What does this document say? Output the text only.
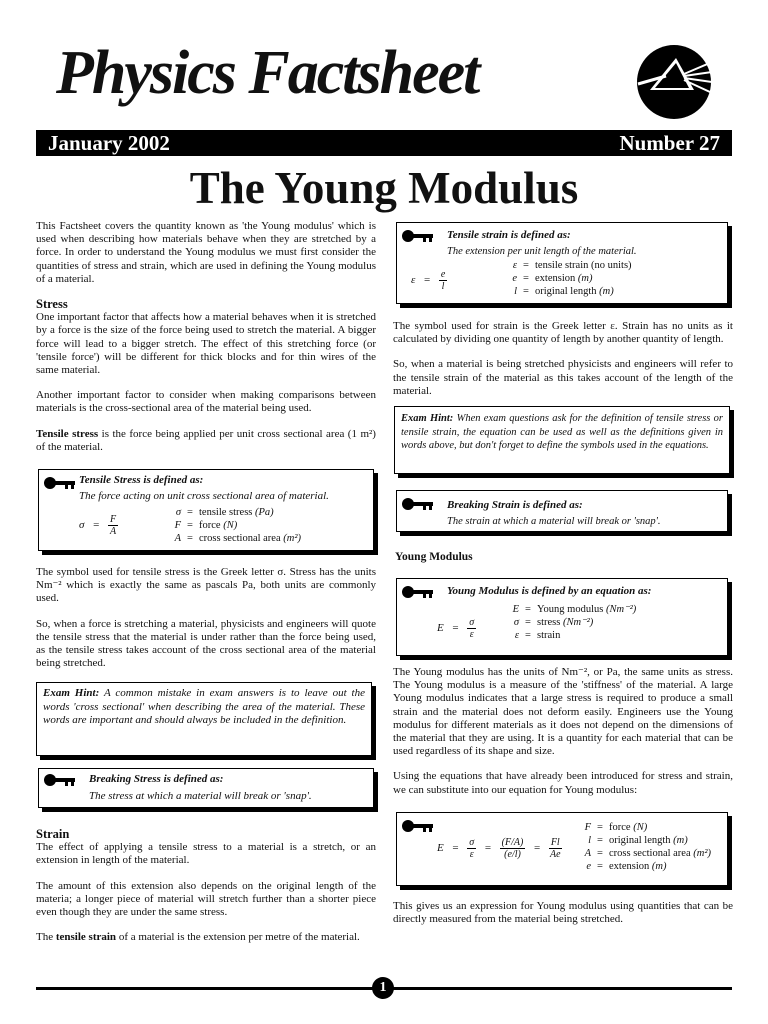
Physics Factsheet
January 2002	Number 27
The Young Modulus

This Factsheet covers the quantity known as 'the Young modulus' which is used when describing how materials behave when they are stretched by a force. In order to understand the Young modulus we must first consider the quantities of stress and strain, which are used in defining the Young modulus of a material.

Stress

One important factor that affects how a material behaves when it is stretched by a force is the size of the force being used to stretch the material. A bigger force will lead to a bigger stretch. The effect of this stretching force (or 'tensile force') will be different for thick blocks and for thin wires of the same material.

Another important factor to consider when making comparisons between materials is the cross-sectional area of the material being used.

Tensile stress is the force being applied per unit cross sectional area (1 m²) of the material.

Tensile Stress is defined as:
The force acting on unit cross sectional area of material.
$\sigma = \frac{F}{A}$
σ = tensile stress (Pa)
F = force (N)
A = cross sectional area (m²)

The symbol used for tensile stress is the Greek letter σ. Stress has the units Nm⁻² which is exactly the same as pascals Pa, both units are commonly used.

So, when a force is stretching a material, physicists and engineers will quote the tensile stress that the material is under rather than the force being used, as the tensile stress takes account of the cross sectional area of the material being stretched.

Exam Hint: A common mistake in exam answers is to leave out the words 'cross sectional' when describing the area of the material. These words are important and should always be included in the definition.
Breaking Stress is defined as:
The stress at which a material will break or 'snap'.
Strain

The effect of applying a tensile stress to a material is a stretch, or an extension in length of the material.

The amount of this extension also depends on the original length of the materia; a longer piece of material will stretch further than a shorter piece even though they are under the same stress.

The tensile strain of a material is the extension per metre of the material.

Tensile strain is defined as:
The extension per unit length of the material.
$\varepsilon = \frac{e}{l}$
ε = tensile strain (no units)
e = extension (m)
l = original length (m)

The symbol used for strain is the Greek letter ε. Strain has no units as it calculated by dividing one quantity of length by another quantity of length.

So, when a material is being stretched physicists and engineers will refer to the tensile strain of the material as this takes account of the length of the material.

Exam Hint: When exam questions ask for the definition of tensile stress or tensile strain, the equation can be used as well as the definitions given in words above, but don't forget to define the symbols used in the equations.
Breaking Strain is defined as:
The strain at which a material will break or 'snap'.
Young Modulus
Young Modulus is defined by an equation as:
$E = \frac{\sigma}{\varepsilon}$
E = Young modulus (Nm⁻²)
σ = stress (Nm⁻²)
ε = strain

The Young modulus has the units of Nm⁻², or Pa, the same units as stress. The Young modulus is a measure of the 'stiffness' of the material. A large Young modulus indicates that a large stress is required to produce a small strain and the material does not deform easily. Engineers use the Young modulus for different materials as it does not depend on the dimensions of the material that they are using. It is a quantity for each material that can be used regardless of its shape and size.

Using the equations that have already been introduced for stress and strain, we can substitute into our equation for Young modulus:

$E = \frac{\sigma}{\varepsilon} = \frac{(F/A)}{(e/l)} = \frac{Fl}{Ae}$
F = force (N)
l = original length (m)
A = cross sectional area (m²)
e = extension (m)

This gives us an expression for Young modulus using quantities that can be directly measured from the material being stretched.

1
